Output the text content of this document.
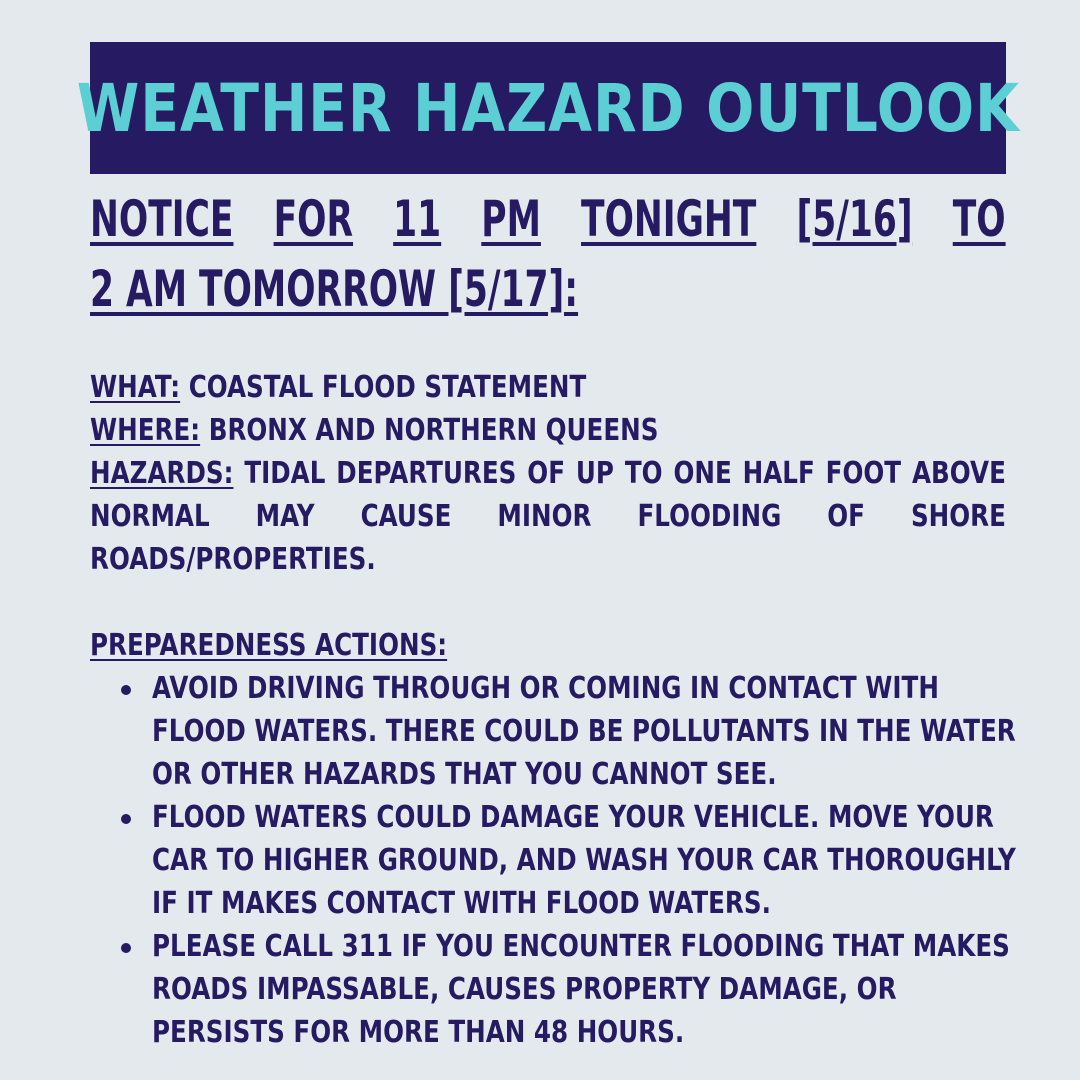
WEATHER HAZARD OUTLOOK
NOTICE FOR 11 PM TONIGHT [5/16] TO
2 AM TOMORROW [5/17]:
WHAT: COASTAL FLOOD STATEMENT
WHERE: BRONX AND NORTHERN QUEENS
HAZARDS: TIDAL DEPARTURES OF UP TO ONE HALF FOOT ABOVE
NORMAL MAY CAUSE MINOR FLOODING OF SHORE
ROADS/PROPERTIES.
PREPAREDNESS ACTIONS:
AVOID DRIVING THROUGH OR COMING IN CONTACT WITH
FLOOD WATERS. THERE COULD BE POLLUTANTS IN THE WATER
OR OTHER HAZARDS THAT YOU CANNOT SEE.
FLOOD WATERS COULD DAMAGE YOUR VEHICLE. MOVE YOUR
CAR TO HIGHER GROUND, AND WASH YOUR CAR THOROUGHLY
IF IT MAKES CONTACT WITH FLOOD WATERS.
PLEASE CALL 311 IF YOU ENCOUNTER FLOODING THAT MAKES
ROADS IMPASSABLE, CAUSES PROPERTY DAMAGE, OR
PERSISTS FOR MORE THAN 48 HOURS.
